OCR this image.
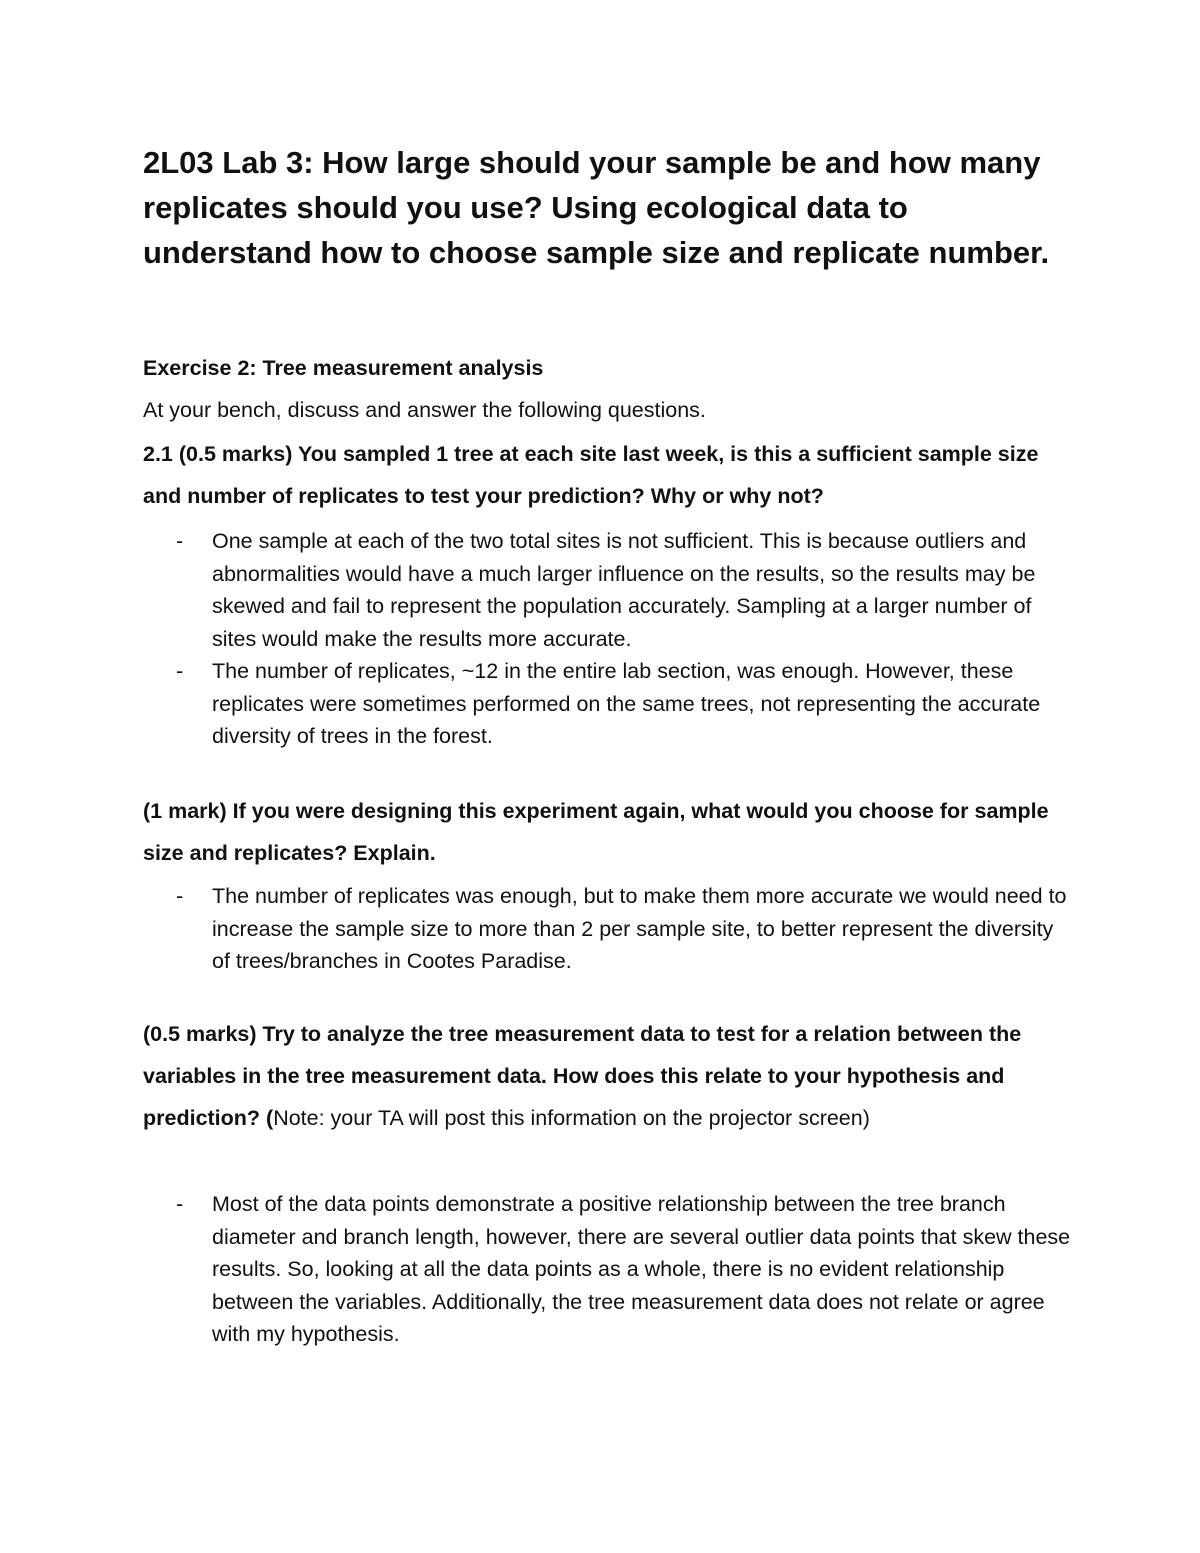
2L03 Lab 3: How large should your sample be and how many replicates should you use? Using ecological data to understand how to choose sample size and replicate number.

Exercise 2: Tree measurement analysis

At your bench, discuss and answer the following questions.

2.1 (0.5 marks) You sampled 1 tree at each site last week, is this a sufficient sample size and number of replicates to test your prediction? Why or why not?

- One sample at each of the two total sites is not sufficient. This is because outliers and abnormalities would have a much larger influence on the results, so the results may be skewed and fail to represent the population accurately. Sampling at a larger number of sites would make the results more accurate.
- The number of replicates, ~12 in the entire lab section, was enough. However, these replicates were sometimes performed on the same trees, not representing the accurate diversity of trees in the forest.

(1 mark) If you were designing this experiment again, what would you choose for sample size and replicates? Explain.

- The number of replicates was enough, but to make them more accurate we would need to increase the sample size to more than 2 per sample site, to better represent the diversity of trees/branches in Cootes Paradise.

(0.5 marks) Try to analyze the tree measurement data to test for a relation between the variables in the tree measurement data. How does this relate to your hypothesis and prediction? (Note: your TA will post this information on the projector screen)

- Most of the data points demonstrate a positive relationship between the tree branch diameter and branch length, however, there are several outlier data points that skew these results. So, looking at all the data points as a whole, there is no evident relationship between the variables. Additionally, the tree measurement data does not relate or agree with my hypothesis.
